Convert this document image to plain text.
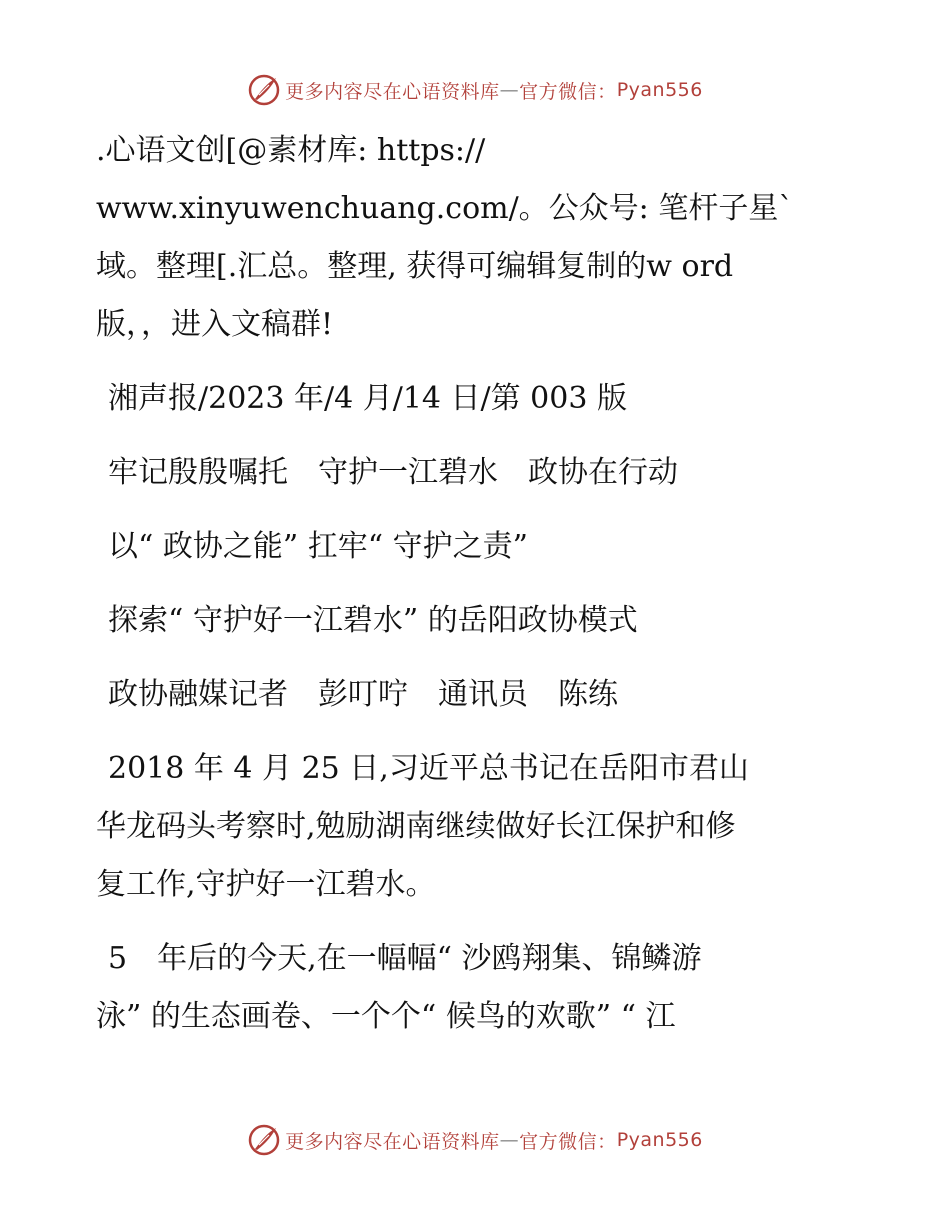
更多内容尽在心语资料库 — 官方微信： Pyan556

.心语文创[@素材库: https://

www.xinyuwenchuang.com/。公众号: 笔杆子星`

域。整理[.汇总。整理, 获得可编辑复制的w ord

版，，进入文稿群!

湘声报/2023 年/4 月/14 日/第 003 版

牢记殷殷嘱托　守护一江碧水　政协在行动

以“ 政协之能” 扛牢“ 守护之责”

探索“ 守护好一江碧水” 的岳阳政协模式

政协融媒记者　彭叮咛　通讯员　陈练

2018 年 4 月 25 日,习近平总书记在岳阳市君山

华龙码头考察时,勉励湖南继续做好长江保护和修

复工作,守护好一江碧水。

5　年后的今天,在一幅幅“ 沙鸥翔集、锦鳞游

泳” 的生态画卷、一个个“ 候鸟的欢歌” “ 江

更多内容尽在心语资料库 — 官方微信： Pyan556
